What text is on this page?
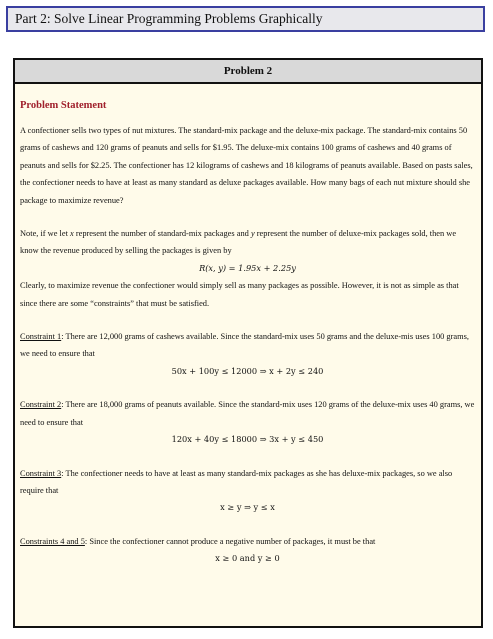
Part 2: Solve Linear Programming Problems Graphically
Problem 2
Problem Statement

A confectioner sells two types of nut mixtures. The standard-mix package and the deluxe-mix package. The standard-mix contains 50 grams of cashews and 120 grams of peanuts and sells for $1.95. The deluxe-mix contains 100 grams of cashews and 40 grams of peanuts and sells for $2.25. The confectioner has 12 kilograms of cashews and 18 kilograms of peanuts available. Based on pasts sales, the confectioner needs to have at least as many standard as deluxe packages available. How many bags of each nut mixture should she package to maximize revenue?

Note, if we let x represent the number of standard-mix packages and y represent the number of deluxe-mix packages sold, then we know the revenue produced by selling the packages is given by

R(x, y) = 1.95x + 2.25y

Clearly, to maximize revenue the confectioner would simply sell as many packages as possible. However, it is not as simple as that since there are some “constraints” that must be satisfied.

Constraint 1: There are 12,000 grams of cashews available. Since the standard-mix uses 50 grams and the deluxe-mis uses 100 grams, we need to ensure that

50x + 100y ≤ 12000 ⇒ x + 2y ≤ 240

Constraint 2: There are 18,000 grams of peanuts available. Since the standard-mix uses 120 grams of the deluxe-mix uses 40 grams, we need to ensure that

120x + 40y ≤ 18000 ⇒ 3x + y ≤ 450

Constraint 3: The confectioner needs to have at least as many standard-mix packages as she has deluxe-mix packages, so we also require that

x ≥ y ⇒ y ≤ x

Constraints 4 and 5: Since the confectioner cannot produce a negative number of packages, it must be that

x ≥ 0 and y ≥ 0
